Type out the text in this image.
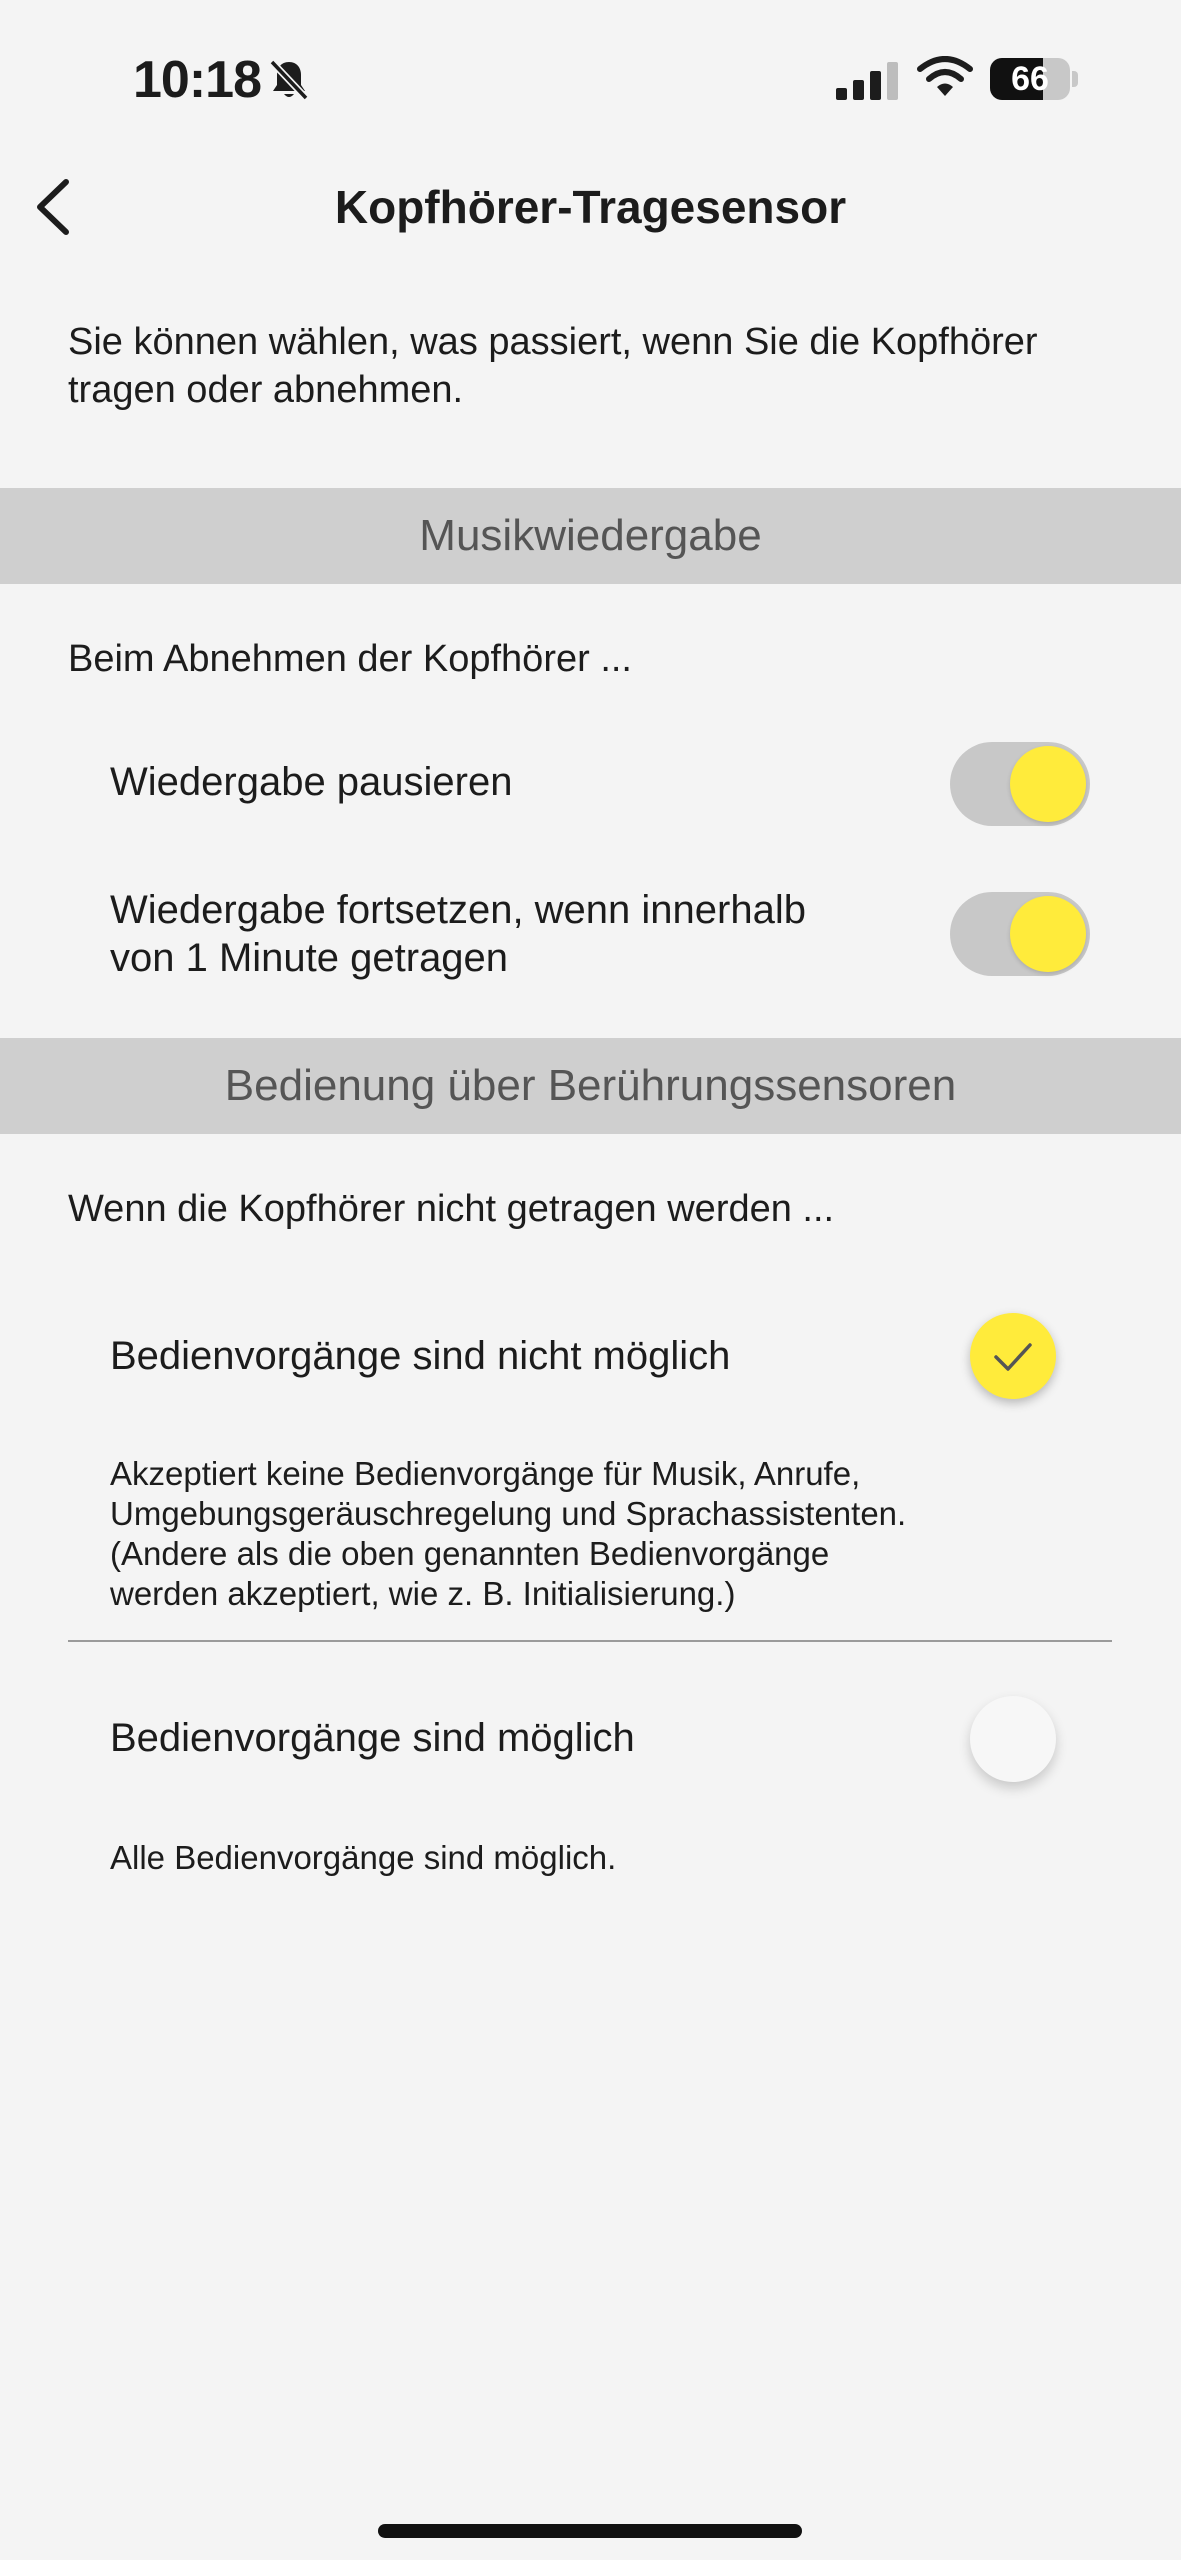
10:18	66
Kopfhörer-Tragesensor
Sie können wählen, was passiert, wenn Sie die Kopfhörer tragen oder abnehmen.
Musikwiedergabe
Beim Abnehmen der Kopfhörer ...
Wiedergabe pausieren
Wiedergabe fortsetzen, wenn innerhalb
von 1 Minute getragen
Bedienung über Berührungssensoren
Wenn die Kopfhörer nicht getragen werden ...
Bedienvorgänge sind nicht möglich
Akzeptiert keine Bedienvorgänge für Musik, Anrufe,
Umgebungsgeräuschregelung und Sprachassistenten.
(Andere als die oben genannten Bedienvorgänge
werden akzeptiert, wie z. B. Initialisierung.)
Bedienvorgänge sind möglich
Alle Bedienvorgänge sind möglich.
